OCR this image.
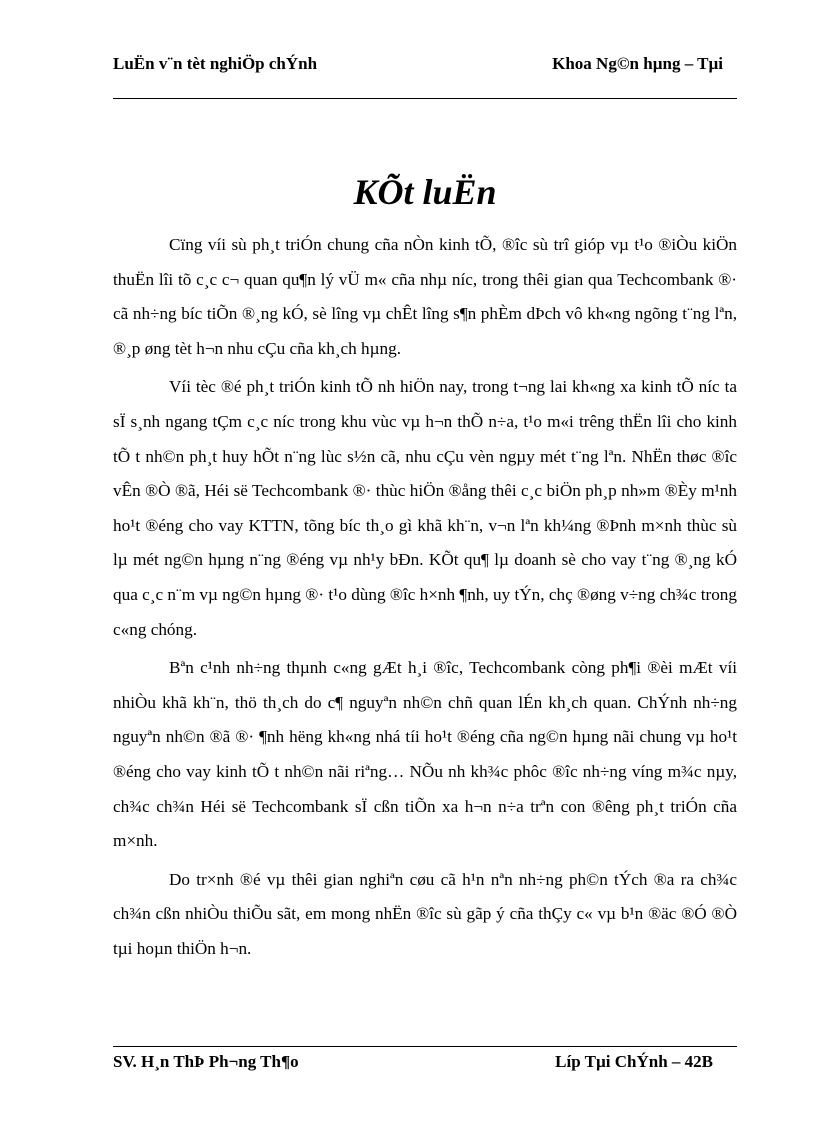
LuËn v¨n tèt nghiÖp chÝnh	Khoa Ng©n hµng – Tµi
KÕt luËn

Cïng víi sù ph¸t triÓn chung cña nÒn kinh tÕ, ®îc sù trî gióp vµ t¹o ®iÒu kiÖn thuËn lîi tõ c¸c c¬ quan qu¶n lý vÜ m« cña nhµ níc, trong thêi gian qua Techcombank ®· cã nh÷ng bíc tiÕn ®¸ng kÓ, sè lîng vµ chÊt lîng s¶n phÈm dÞch vô kh«ng ngõng t¨ng lªn, ®¸p øng tèt h¬n nhu cÇu cña kh¸ch hµng.

Víi tèc ®é ph¸t triÓn kinh tÕ nh hiÖn nay, trong t¬ng lai kh«ng xa kinh tÕ níc ta sÏ s¸nh ngang tÇm c¸c níc trong khu vùc vµ h¬n thÕ n÷a, t¹o m«i trêng thËn lîi cho kinh tÕ t nh©n ph¸t huy hÕt n¨ng lùc s½n cã, nhu cÇu vèn ngµy mét t¨ng lªn. NhËn thøc ®îc vÊn ®Ò ®ã, Héi së Techcombank ®· thùc hiÖn ®ång thêi c¸c biÖn ph¸p nh»m ®Èy m¹nh ho¹t ®éng cho vay KTTN, tõng bíc th¸o gì khã kh¨n, v¬n lªn kh¼ng ®Þnh m×nh thùc sù lµ mét ng©n hµng n¨ng ®éng vµ nh¹y bÐn. KÕt qu¶ lµ doanh sè cho vay t¨ng ®¸ng kÓ qua c¸c n¨m vµ ng©n hµng ®· t¹o dùng ®îc h×nh ¶nh, uy tÝn, chç ®øng v÷ng ch¾c trong c«ng chóng.

Bªn c¹nh nh÷ng thµnh c«ng gÆt h¸i ®îc, Techcombank còng ph¶i ®èi mÆt víi nhiÒu khã kh¨n, thö th¸ch do c¶ nguyªn nh©n chñ quan lÉn kh¸ch quan. ChÝnh nh÷ng nguyªn nh©n ®ã ®· ¶nh hëng kh«ng nhá tíi ho¹t ®éng cña ng©n hµng nãi chung vµ ho¹t ®éng cho vay kinh tÕ t nh©n nãi riªng… NÕu nh kh¾c phôc ®îc nh÷ng víng m¾c nµy, ch¾c ch¾n Héi së Techcombank sÏ cßn tiÕn xa h¬n n÷a trªn con ®êng ph¸t triÓn cña m×nh.

Do tr×nh ®é vµ thêi gian nghiªn cøu cã h¹n nªn nh÷ng ph©n tÝch ®a ra ch¾c ch¾n cßn nhiÒu thiÕu sãt, em mong nhËn ®îc sù gãp ý cña thÇy c« vµ b¹n ®äc ®Ó ®Ò tµi hoµn thiÖn h¬n.

SV. H¸n ThÞ Ph¬ng Th¶o	Líp Tµi ChÝnh – 42B
